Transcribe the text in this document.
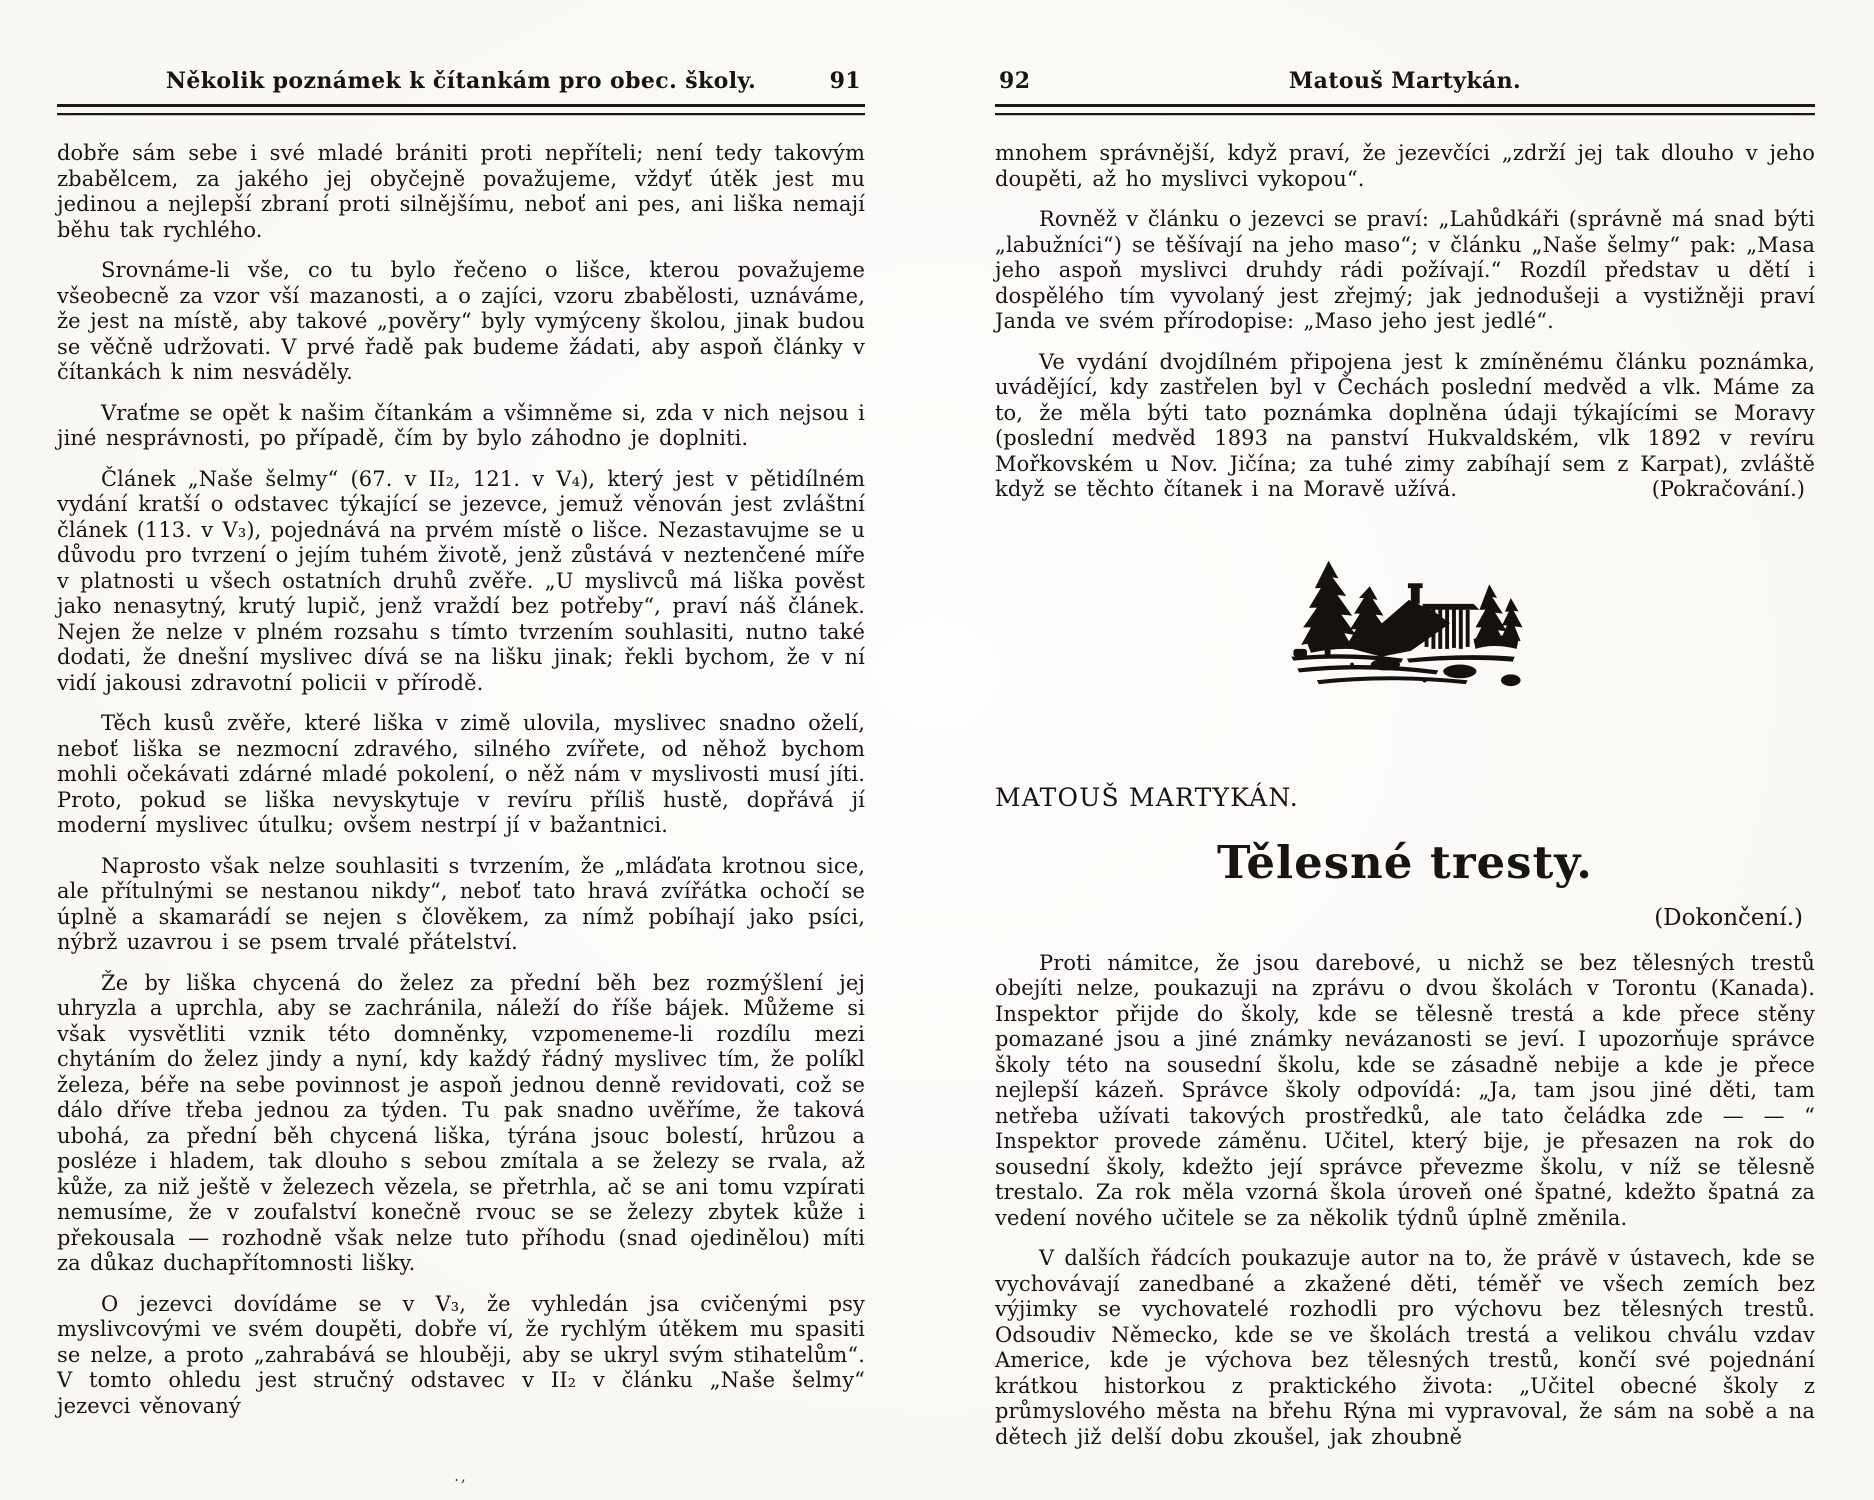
Několik poznámek k čítankám pro obec. školy.	91

dobře sám sebe i své mladé brániti proti nepříteli; není tedy takovým zbabělcem, za jakého jej obyčejně považujeme, vždyť útěk jest mu jedinou a nejlepší zbraní proti silnějšímu, neboť ani pes, ani liška nemají běhu tak rychlého.

Srovnáme-li vše, co tu bylo řečeno o lišce, kterou považujeme všeobecně za vzor vší mazanosti, a o zajíci, vzoru zbabělosti, uznáváme, že jest na místě, aby takové „pověry“ byly vymýceny školou, jinak budou se věčně udržovati. V prvé řadě pak budeme žádati, aby aspoň články v čítankách k nim nesváděly.

Vraťme se opět k našim čítankám a všimněme si, zda v nich nejsou i jiné nesprávnosti, po případě, čím by bylo záhodno je doplniti.

Článek „Naše šelmy“ (67. v II₂, 121. v V₄), který jest v pětidílném vydání kratší o odstavec týkající se jezevce, jemuž věnován jest zvláštní článek (113. v V₃), pojednává na prvém místě o lišce. Nezastavujme se u důvodu pro tvrzení o jejím tuhém životě, jenž zůstává v neztenčené míře v platnosti u všech ostatních druhů zvěře. „U myslivců má liška pověst jako nenasytný, krutý lupič, jenž vraždí bez potřeby“, praví náš článek. Nejen že nelze v plném rozsahu s tímto tvrzením souhlasiti, nutno také dodati, že dnešní myslivec dívá se na lišku jinak; řekli bychom, že v ní vidí jakousi zdravotní policii v přírodě.

Těch kusů zvěře, které liška v zimě ulovila, myslivec snadno oželí, neboť liška se nezmocní zdravého, silného zvířete, od něhož bychom mohli očekávati zdárné mladé pokolení, o něž nám v myslivosti musí jíti. Proto, pokud se liška nevyskytuje v revíru příliš hustě, dopřává jí moderní myslivec útulku; ovšem nestrpí jí v bažantnici.

Naprosto však nelze souhlasiti s tvrzením, že „mláďata krotnou sice, ale přítulnými se nestanou nikdy“, neboť tato hravá zvířátka ochočí se úplně a skamarádí se nejen s člověkem, za nímž pobíhají jako psíci, nýbrž uzavrou i se psem trvalé přátelství.

Že by liška chycená do želez za přední běh bez rozmýšlení jej uhryzla a uprchla, aby se zachránila, náleží do říše bájek. Můžeme si však vysvětliti vznik této domněnky, vzpomeneme-li rozdílu mezi chytáním do želez jindy a nyní, kdy každý řádný myslivec tím, že políkl železa, béře na sebe povinnost je aspoň jednou denně revidovati, což se dálo dříve třeba jednou za týden. Tu pak snadno uvěříme, že taková ubohá, za přední běh chycená liška, týrána jsouc bolestí, hrůzou a posléze i hladem, tak dlouho s sebou zmítala a se železy se rvala, až kůže, za niž ještě v železech vězela, se přetrhla, ač se ani tomu vzpírati nemusíme, že v zoufalství konečně rvouc se se železy zbytek kůže i překousala — rozhodně však nelze tuto příhodu (snad ojedinělou) míti za důkaz duchapřítomnosti lišky.

O jezevci dovídáme se v V₃, že vyhledán jsa cvičenými psy myslivcovými ve svém doupěti, dobře ví, že rychlým útěkem mu spasiti se nelze, a proto „zahrabává se hlouběji, aby se ukryl svým stihatelům“. V tomto ohledu jest stručný odstavec v II₂ v článku „Naše šelmy“ jezevci věnovaný

.,
Matouš Martykán.
92

mnohem správnější, když praví, že jezevčíci „zdrží jej tak dlouho v jeho doupěti, až ho myslivci vykopou“.

Rovněž v článku o jezevci se praví: „Lahůdkáři (správně má snad býti „labužníci“) se těšívají na jeho maso“; v článku „Naše šelmy“ pak: „Masa jeho aspoň myslivci druhdy rádi požívají.“ Rozdíl představ u dětí i dospělého tím vyvolaný jest zřejmý; jak jednodušeji a vystižněji praví Janda ve svém přírodopise: „Maso jeho jest jedlé“.

Ve vydání dvojdílném připojena jest k zmíněnému článku poznámka, uvádějící, kdy zastřelen byl v Čechách poslední medvěd a vlk. Máme za to, že měla býti tato poznámka doplněna údaji týkajícími se Moravy (poslední medvěd 1893 na panství Hukvaldském, vlk 1892 v revíru Mořkovském u Nov. Jičína; za tuhé zimy zabíhají sem z Karpat), zvláště když se těchto čítanek i na Moravě užívá.	(Pokračování.)
MATOUŠ MARTYKÁN.
Tělesné tresty.
(Dokončení.)

Proti námitce, že jsou darebové, u nichž se bez tělesných trestů obejíti nelze, poukazuji na zprávu o dvou školách v Torontu (Kanada). Inspektor přijde do školy, kde se tělesně trestá a kde přece stěny pomazané jsou a jiné známky nevázanosti se jeví. I upozorňuje správce školy této na sousední školu, kde se zásadně nebije a kde je přece nejlepší kázeň. Správce školy odpovídá: „Ja, tam jsou jiné děti, tam netřeba užívati takových prostředků, ale tato čeládka zde — — “ Inspektor provede záměnu. Učitel, který bije, je přesazen na rok do sousední školy, kdežto její správce převezme školu, v níž se tělesně trestalo. Za rok měla vzorná škola úroveň oné špatné, kdežto špatná za vedení nového učitele se za několik týdnů úplně změnila.

V dalších řádcích poukazuje autor na to, že právě v ústavech, kde se vychovávají zanedbané a zkažené děti, téměř ve všech zemích bez výjimky se vychovatelé rozhodli pro výchovu bez tělesných trestů. Odsoudiv Německo, kde se ve školách trestá a velikou chválu vzdav Americe, kde je výchova bez tělesných trestů, končí své pojednání krátkou historkou z praktického života: „Učitel obecné školy z průmyslového města na břehu Rýna mi vypravoval, že sám na sobě a na dětech již delší dobu zkoušel, jak zhoubně
